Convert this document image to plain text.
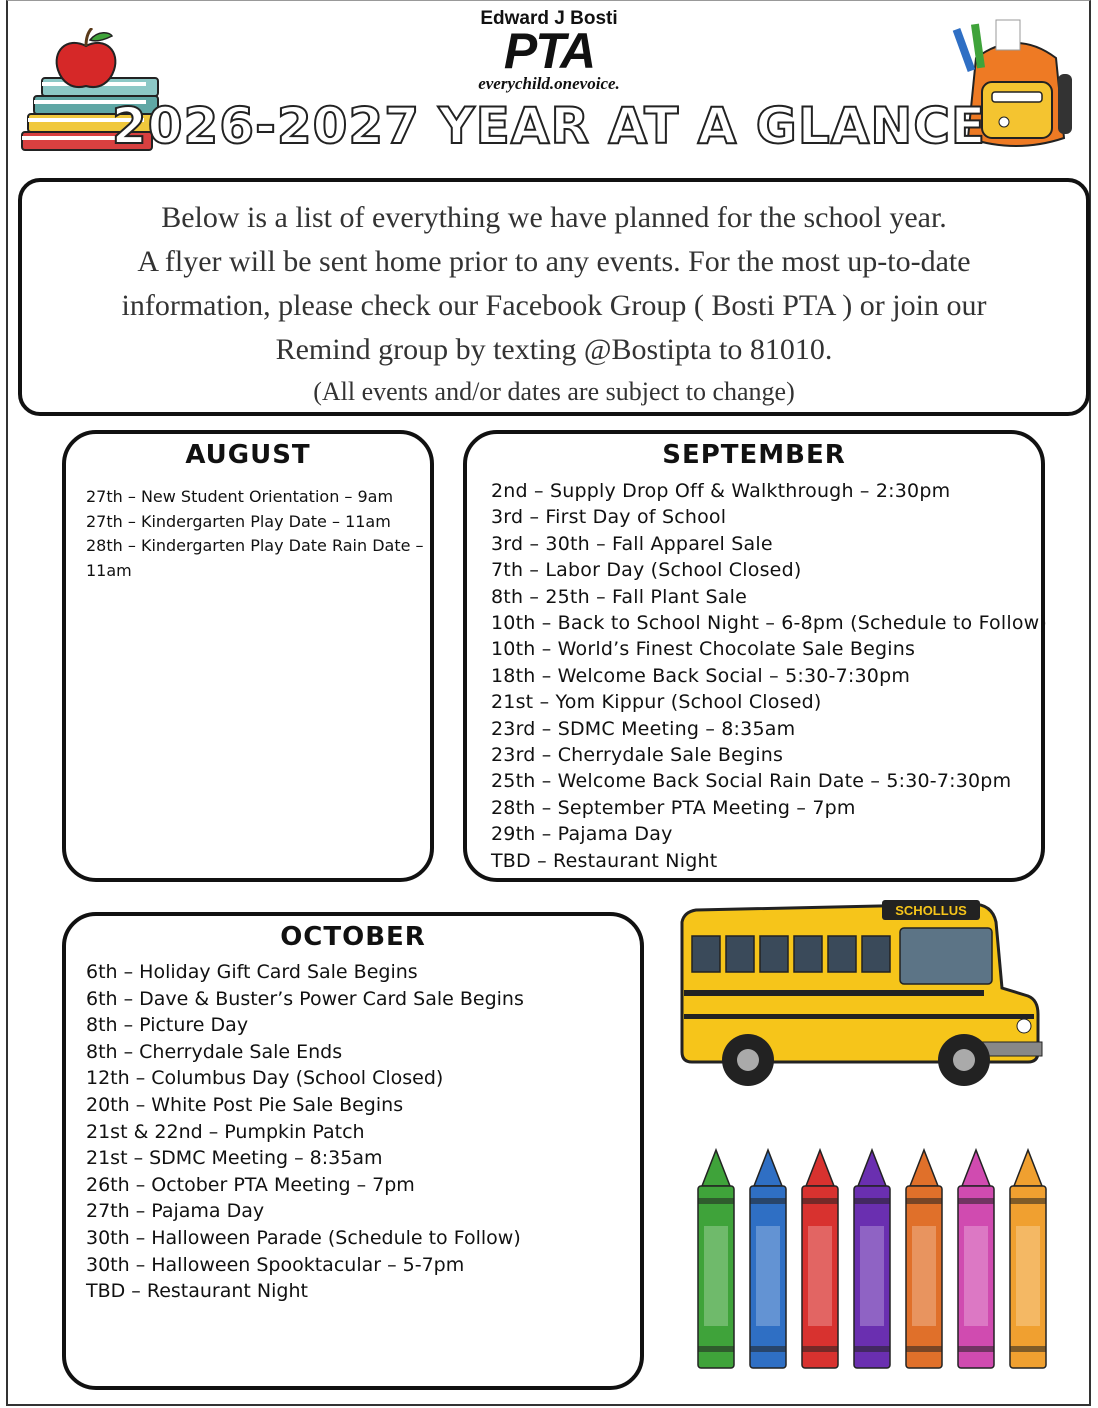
Edward J Bosti
PTA
everychild.onevoice.
2026-2027 YEAR AT A GLANCE
Below is a list of everything we have planned for the school year.
A flyer will be sent home prior to any events. For the most up-to-date
information, please check our Facebook Group ( Bosti PTA ) or join our
Remind group by texting @Bostipta to 81010.
(All events and/or dates are subject to change)
AUGUST
27th – New Student Orientation – 9am
27th – Kindergarten Play Date – 11am
28th – Kindergarten Play Date Rain Date – 11am
SEPTEMBER
2nd – Supply Drop Off & Walkthrough – 2:30pm
3rd – First Day of School
3rd – 30th – Fall Apparel Sale
7th – Labor Day (School Closed)
8th – 25th – Fall Plant Sale
10th – Back to School Night – 6-8pm (Schedule to Follow)
10th – World’s Finest Chocolate Sale Begins
18th – Welcome Back Social – 5:30-7:30pm
21st – Yom Kippur (School Closed)
23rd – SDMC Meeting – 8:35am
23rd – Cherrydale Sale Begins
25th – Welcome Back Social Rain Date – 5:30-7:30pm
28th – September PTA Meeting – 7pm
29th – Pajama Day
TBD – Restaurant Night
OCTOBER
6th – Holiday Gift Card Sale Begins
6th – Dave & Buster’s Power Card Sale Begins
8th – Picture Day
8th – Cherrydale Sale Ends
12th – Columbus Day (School Closed)
20th – White Post Pie Sale Begins
21st & 22nd – Pumpkin Patch
21st – SDMC Meeting – 8:35am
26th – October PTA Meeting – 7pm
27th – Pajama Day
30th – Halloween Parade (Schedule to Follow)
30th – Halloween Spooktacular – 5-7pm
TBD – Restaurant Night
SCHOLLUS
